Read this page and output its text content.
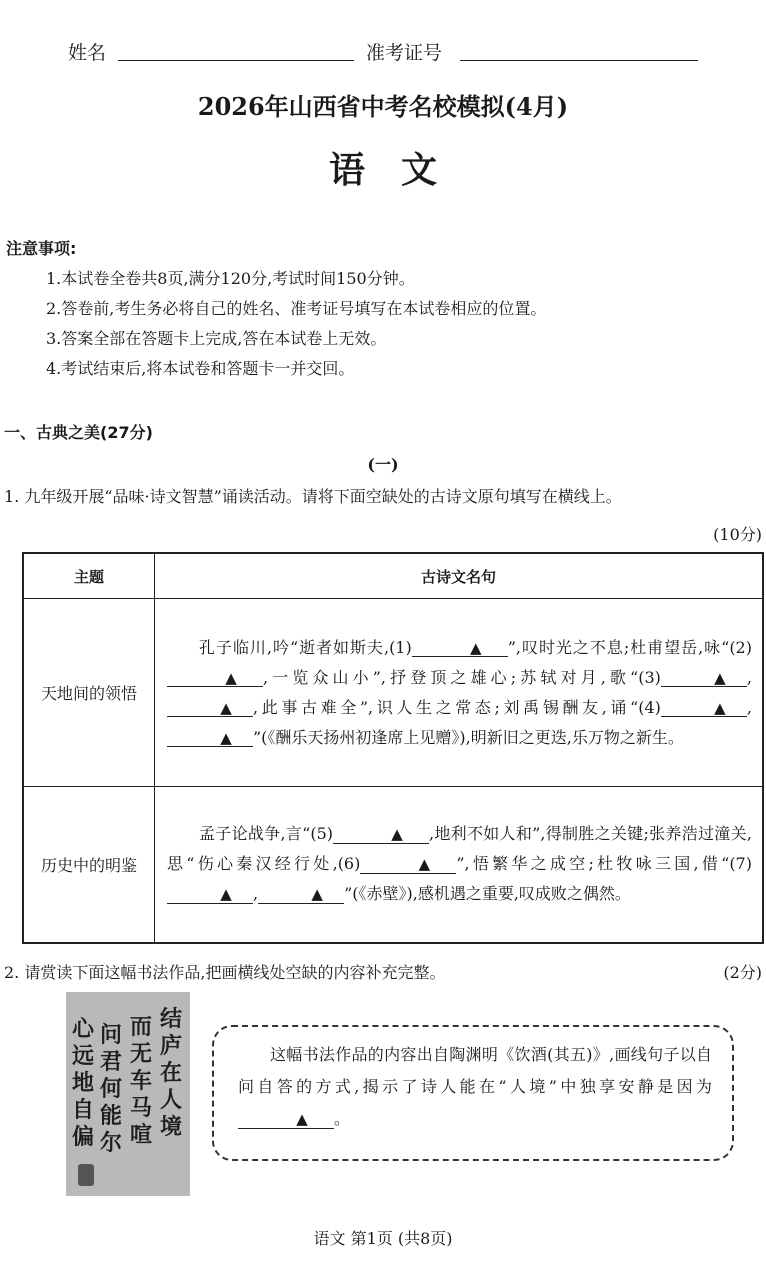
姓名	准考证号
2026年山西省中考名校模拟(4月)
语　文
注意事项:
1.本试卷全卷共8页,满分120分,考试时间150分钟。
2.答卷前,考生务必将自己的姓名、准考证号填写在本试卷相应的位置。
3.答案全部在答题卡上完成,答在本试卷上无效。
4.考试结束后,将本试卷和答题卡一并交回。
一、古典之美(27分)
(一)
1. 九年级开展“品味·诗文智慧”诵读活动。请将下面空缺处的古诗文原句填写在横线上。
(10分)
主题	古诗文名句
天地间的领悟	孔子临川,吟“逝者如斯夫,(1) ▲ ”,叹时光之不息;杜甫望岳,咏“(2)▲ ,一览众山小”,抒登顶之雄心;苏轼对月,歌“(3) ▲ ,▲ ,此事古难全”,识人生之常态;刘禹锡酬友,诵“(4) ▲ ,▲ ”(《酬乐天扬州初逢席上见赠》),明新旧之更迭,乐万物之新生。

历史中的明鉴	孟子论战争,言“(5) ▲ ,地利不如人和”,得制胜之关键;张养浩过潼关,思“伤心秦汉经行处,(6) ▲ ”,悟繁华之成空;杜牧咏三国,借“(7)▲ , ▲ ”(《赤壁》),感机遇之重要,叹成败之偶然。
2. 请赏读下面这幅书法作品,把画横线处空缺的内容补充完整。	(2分)
结庐在人境
而无车马喧
问君何能尔
心远地自偏
这幅书法作品的内容出自陶渊明《饮酒(其五)》,画线句子以自问自答的方式,揭示了诗人能在“人境”中独享安静是因为▲ 。
语文 第1页 (共8页)
